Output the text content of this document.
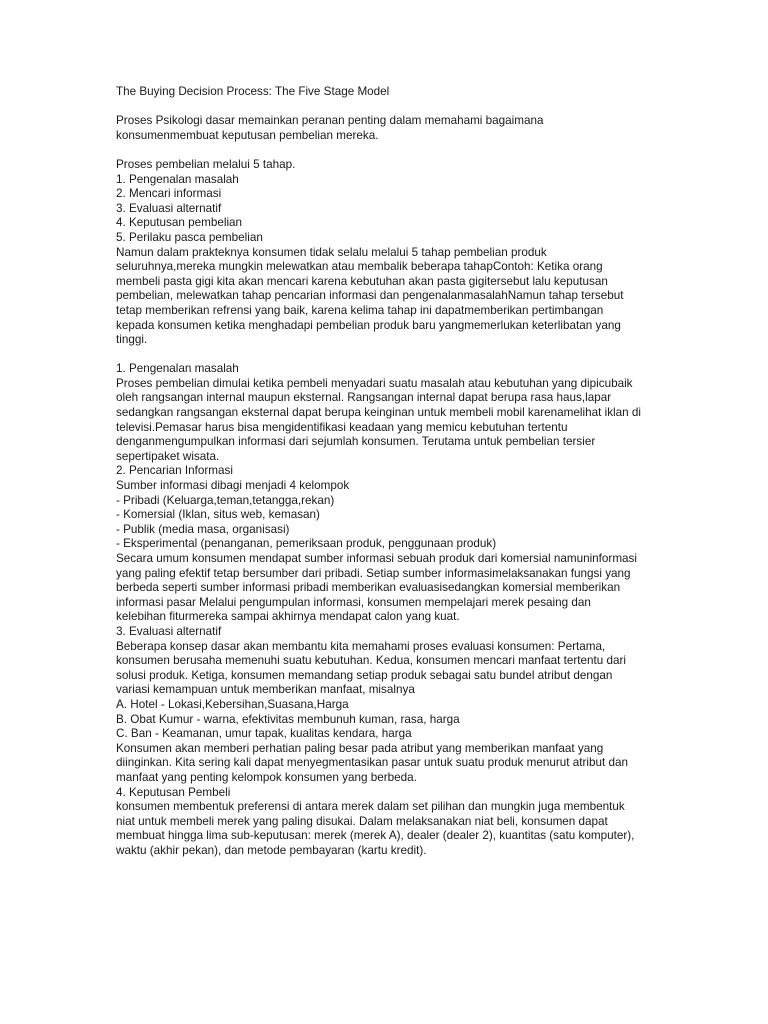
The Buying Decision Process: The Five Stage Model
Proses Psikologi dasar memainkan peranan penting dalam memahami bagaimana
konsumenmembuat keputusan pembelian mereka.
Proses pembelian melalui 5 tahap.
1. Pengenalan masalah
2. Mencari informasi
3. Evaluasi alternatif
4. Keputusan pembelian
5. Perilaku pasca pembelian
Namun dalam prakteknya konsumen tidak selalu melalui 5 tahap pembelian produk
seluruhnya,mereka mungkin melewatkan atau membalik beberapa tahapContoh: Ketika orang
membeli pasta gigi kita akan mencari karena kebutuhan akan pasta gigitersebut lalu keputusan
pembelian, melewatkan tahap pencarian informasi dan pengenalanmasalahNamun tahap tersebut
tetap memberikan refrensi yang baik, karena kelima tahap ini dapatmemberikan pertimbangan
kepada konsumen ketika menghadapi pembelian produk baru yangmemerlukan keterlibatan yang
tinggi.
1. Pengenalan masalah
Proses pembelian dimulai ketika pembeli menyadari suatu masalah atau kebutuhan yang dipicubaik
oleh rangsangan internal maupun eksternal. Rangsangan internal dapat berupa rasa haus,lapar
sedangkan rangsangan eksternal dapat berupa keinginan untuk membeli mobil karenamelihat iklan di
televisi.Pemasar harus bisa mengidentifikasi keadaan yang memicu kebutuhan tertentu
denganmengumpulkan informasi dari sejumlah konsumen. Terutama untuk pembelian tersier
sepertipaket wisata.
2. Pencarian Informasi
Sumber informasi dibagi menjadi 4 kelompok
- Pribadi (Keluarga,teman,tetangga,rekan)
- Komersial (Iklan, situs web, kemasan)
- Publik (media masa, organisasi)
- Eksperimental (penanganan, pemeriksaan produk, penggunaan produk)
Secara umum konsumen mendapat sumber informasi sebuah produk dari komersial namuninformasi
yang paling efektif tetap bersumber dari pribadi. Setiap sumber informasimelaksanakan fungsi yang
berbeda seperti sumber informasi pribadi memberikan evaluasisedangkan komersial memberikan
informasi pasar Melalui pengumpulan informasi, konsumen mempelajari merek pesaing dan
kelebihan fiturmereka sampai akhirnya mendapat calon yang kuat.
3. Evaluasi alternatif
Beberapa konsep dasar akan membantu kita memahami proses evaluasi konsumen: Pertama,
konsumen berusaha memenuhi suatu kebutuhan. Kedua, konsumen mencari manfaat tertentu dari
solusi produk. Ketiga, konsumen memandang setiap produk sebagai satu bundel atribut dengan
variasi kemampuan untuk memberikan manfaat, misalnya
A. Hotel - Lokasi,Kebersihan,Suasana,Harga
B. Obat Kumur - warna, efektivitas membunuh kuman, rasa, harga
C. Ban - Keamanan, umur tapak, kualitas kendara, harga
Konsumen akan memberi perhatian paling besar pada atribut yang memberikan manfaat yang
diinginkan. Kita sering kali dapat menyegmentasikan pasar untuk suatu produk menurut atribut dan
manfaat yang penting kelompok konsumen yang berbeda.
4. Keputusan Pembeli
konsumen membentuk preferensi di antara merek dalam set pilihan dan mungkin juga membentuk
niat untuk membeli merek yang paling disukai. Dalam melaksanakan niat beli, konsumen dapat
membuat hingga lima sub-keputusan: merek (merek A), dealer (dealer 2), kuantitas (satu komputer),
waktu (akhir pekan), dan metode pembayaran (kartu kredit).
